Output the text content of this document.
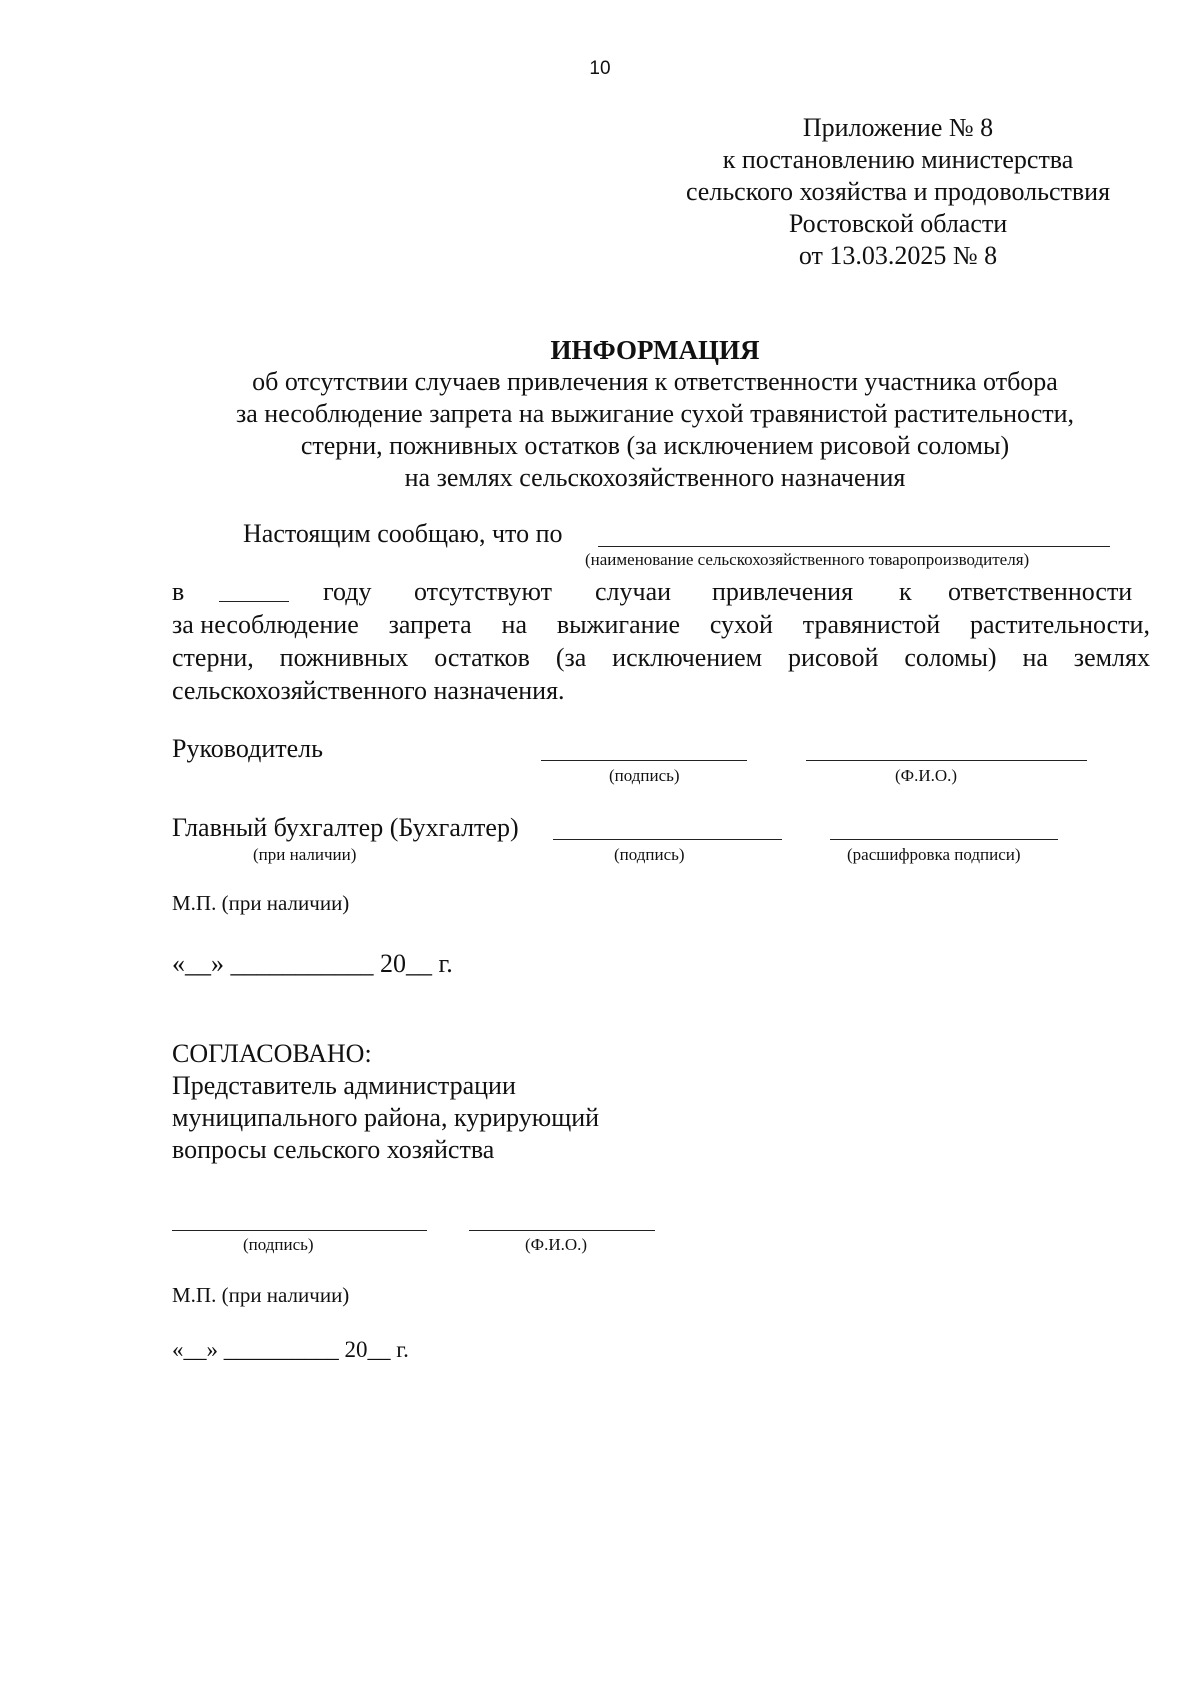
10
Приложение № 8
к постановлению министерства
сельского хозяйства и продовольствия
Ростовской области
от 13.03.2025 № 8
ИНФОРМАЦИЯ
об отсутствии случаев привлечения к ответственности участника отбора
за несоблюдение запрета на выжигание сухой травянистой растительности,
стерни, пожнивных остатков (за исключением рисовой соломы)
на землях сельскохозяйственного назначения
Настоящим сообщаю, что по
(наименование сельскохозяйственного товаропроизводителя)
в	году отсутствуют случаи привлечения к ответственности
за несоблюдение запрета на выжигание сухой травянистой растительности,
стерни, пожнивных остатков (за исключением рисовой соломы) на землях
сельскохозяйственного назначения.
Руководитель
(подпись)	(Ф.И.О.)
Главный бухгалтер (Бухгалтер)
(при наличии)	(подпись)	(расшифровка подписи)
М.П. (при наличии)
«__» ___________ 20__ г.
СОГЛАСОВАНО:
Представитель администрации
муниципального района, курирующий
вопросы сельского хозяйства
(подпись)	(Ф.И.О.)
М.П. (при наличии)
«__» __________ 20__ г.
